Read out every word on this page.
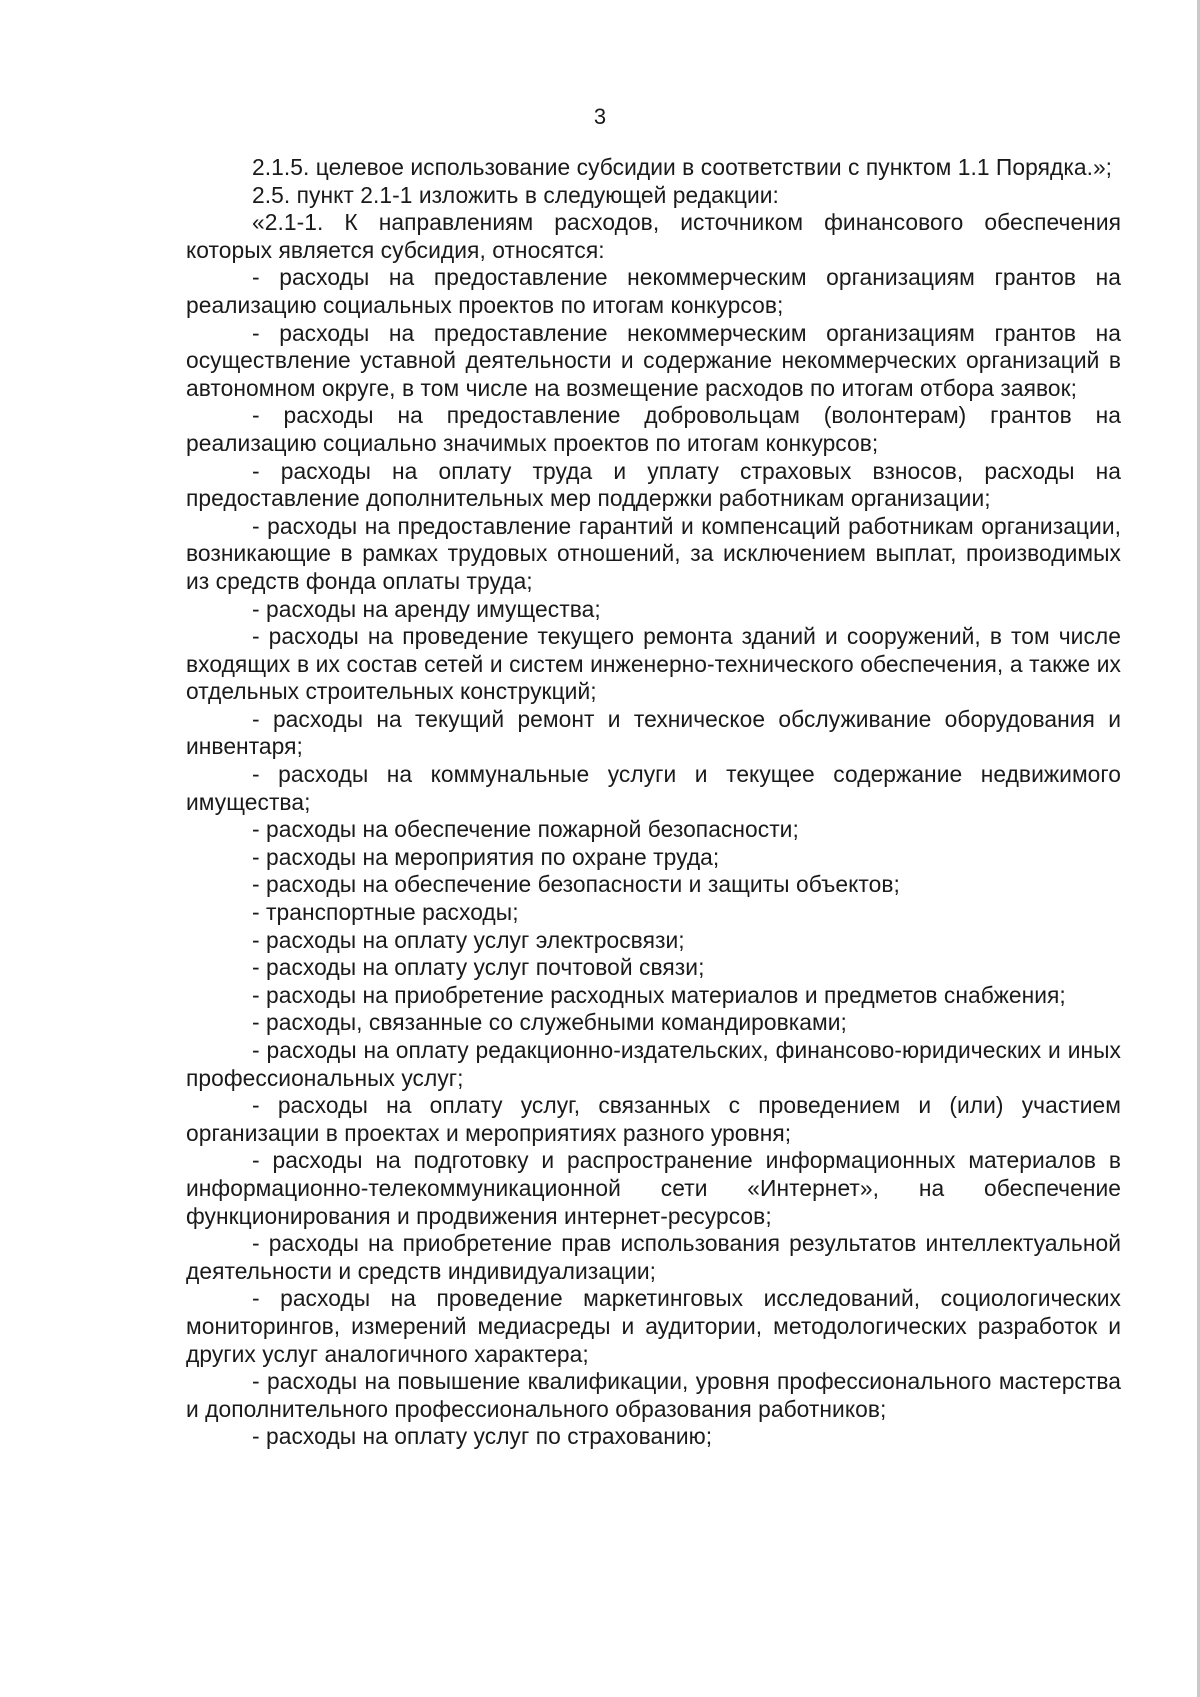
3

2.1.5. целевое использование субсидии в соответствии с пунктом 1.1 Порядка.»;

2.5. пункт 2.1-1 изложить в следующей редакции:

«2.1-1. К направлениям расходов, источником финансового обеспечения которых является субсидия, относятся:

- расходы на предоставление некоммерческим организациям грантов на реализацию социальных проектов по итогам конкурсов;

- расходы на предоставление некоммерческим организациям грантов на осуществление уставной деятельности и содержание некоммерческих организаций в автономном округе, в том числе на возмещение расходов по итогам отбора заявок;

- расходы на предоставление добровольцам (волонтерам) грантов на реализацию социально значимых проектов по итогам конкурсов;

- расходы на оплату труда и уплату страховых взносов, расходы на предоставление дополнительных мер поддержки работникам организации;

- расходы на предоставление гарантий и компенсаций работникам организации, возникающие в рамках трудовых отношений, за исключением выплат, производимых из средств фонда оплаты труда;

- расходы на аренду имущества;

- расходы на проведение текущего ремонта зданий и сооружений, в том числе входящих в их состав сетей и систем инженерно-технического обеспечения, а также их отдельных строительных конструкций;

- расходы на текущий ремонт и техническое обслуживание оборудования и инвентаря;

- расходы на коммунальные услуги и текущее содержание недвижимого имущества;

- расходы на обеспечение пожарной безопасности;

- расходы на мероприятия по охране труда;

- расходы на обеспечение безопасности и защиты объектов;

- транспортные расходы;

- расходы на оплату услуг электросвязи;

- расходы на оплату услуг почтовой связи;

- расходы на приобретение расходных материалов и предметов снабжения;

- расходы, связанные со служебными командировками;

- расходы на оплату редакционно-издательских, финансово-юридических и иных профессиональных услуг;

- расходы на оплату услуг, связанных с проведением и (или) участием организации в проектах и мероприятиях разного уровня;

- расходы на подготовку и распространение информационных материалов в информационно-телекоммуникационной сети «Интернет», на обеспечение функционирования и продвижения интернет-ресурсов;

- расходы на приобретение прав использования результатов интеллектуальной деятельности и средств индивидуализации;

- расходы на проведение маркетинговых исследований, социологических мониторингов, измерений медиасреды и аудитории, методологических разработок и других услуг аналогичного характера;

- расходы на повышение квалификации, уровня профессионального мастерства и дополнительного профессионального образования работников;

- расходы на оплату услуг по страхованию;
